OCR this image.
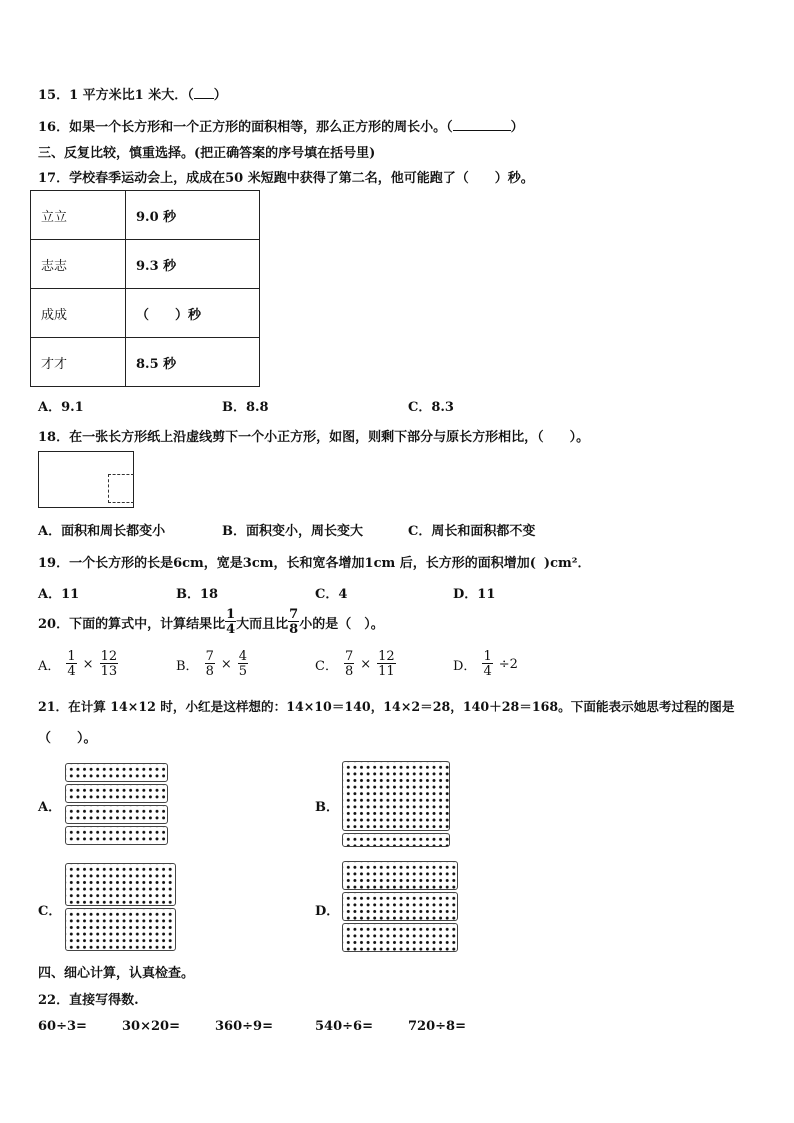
15．1 平方米比1 米大．（ ）
16．如果一个长方形和一个正方形的面积相等，那么正方形的周长小。（	）
三、反复比较，慎重选择。(把正确答案的序号填在括号里)
17．学校春季运动会上，成成在50 米短跑中获得了第二名，他可能跑了（　　）秒。
立立	9.0 秒
志志	9.3 秒
成成	（　　）秒
才才	8.5 秒
A．9.1	B．8.8	C．8.3
18．在一张长方形纸上沿虚线剪下一个小正方形，如图，则剩下部分与原长方形相比，（　　）。
A．面积和周长都变小	B．面积变小，周长变大	C．周长和面积都不变
19．一个长方形的长是6cm，宽是3cm，长和宽各增加1cm 后，长方形的面积增加( )cm²．
A．11	B．18	C．4	D．11
20．下面的算式中，计算结果比 $\frac{1}{4}$ 大而且比 $\frac{7}{8}$ 小的是（　）。
A． $\frac{1}{4} \times \frac{12}{13}$	B． $\frac{7}{8} \times \frac{4}{5}$	C． $\frac{7}{8} \times \frac{12}{11}$	D． $\frac{1}{4} \div 2$
21．在计算 14×12 时，小红是这样想的：14×10＝140，14×2＝28，140＋28＝168。下面能表示她思考过程的图是
（　　）。
A．	B．
C．	D．
四、细心计算，认真检查。
22．直接写得数.
60÷3=	30×20=	360÷9=	540÷6=	720÷8=
